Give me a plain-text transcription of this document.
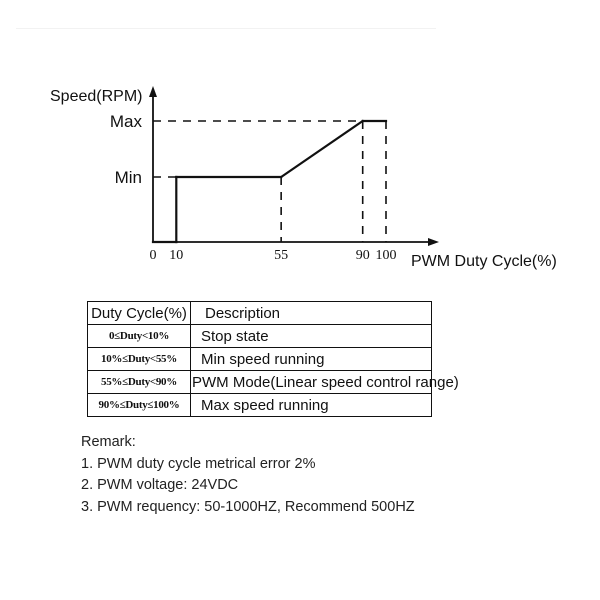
0 10	55	90 100
Min
Max
Speed(RPM)
PWM Duty Cycle(%)
Duty Cycle(%)	Description
0≤Duty<10%	Stop state
10%≤Duty<55%	Min speed running
55%≤Duty<90%	PWM Mode(Linear speed control range)
90%≤Duty≤100%	Max speed running
Remark:
1. PWM duty cycle metrical error 2%
2. PWM voltage: 24VDC
3. PWM requency: 50-1000HZ, Recommend 500HZ
